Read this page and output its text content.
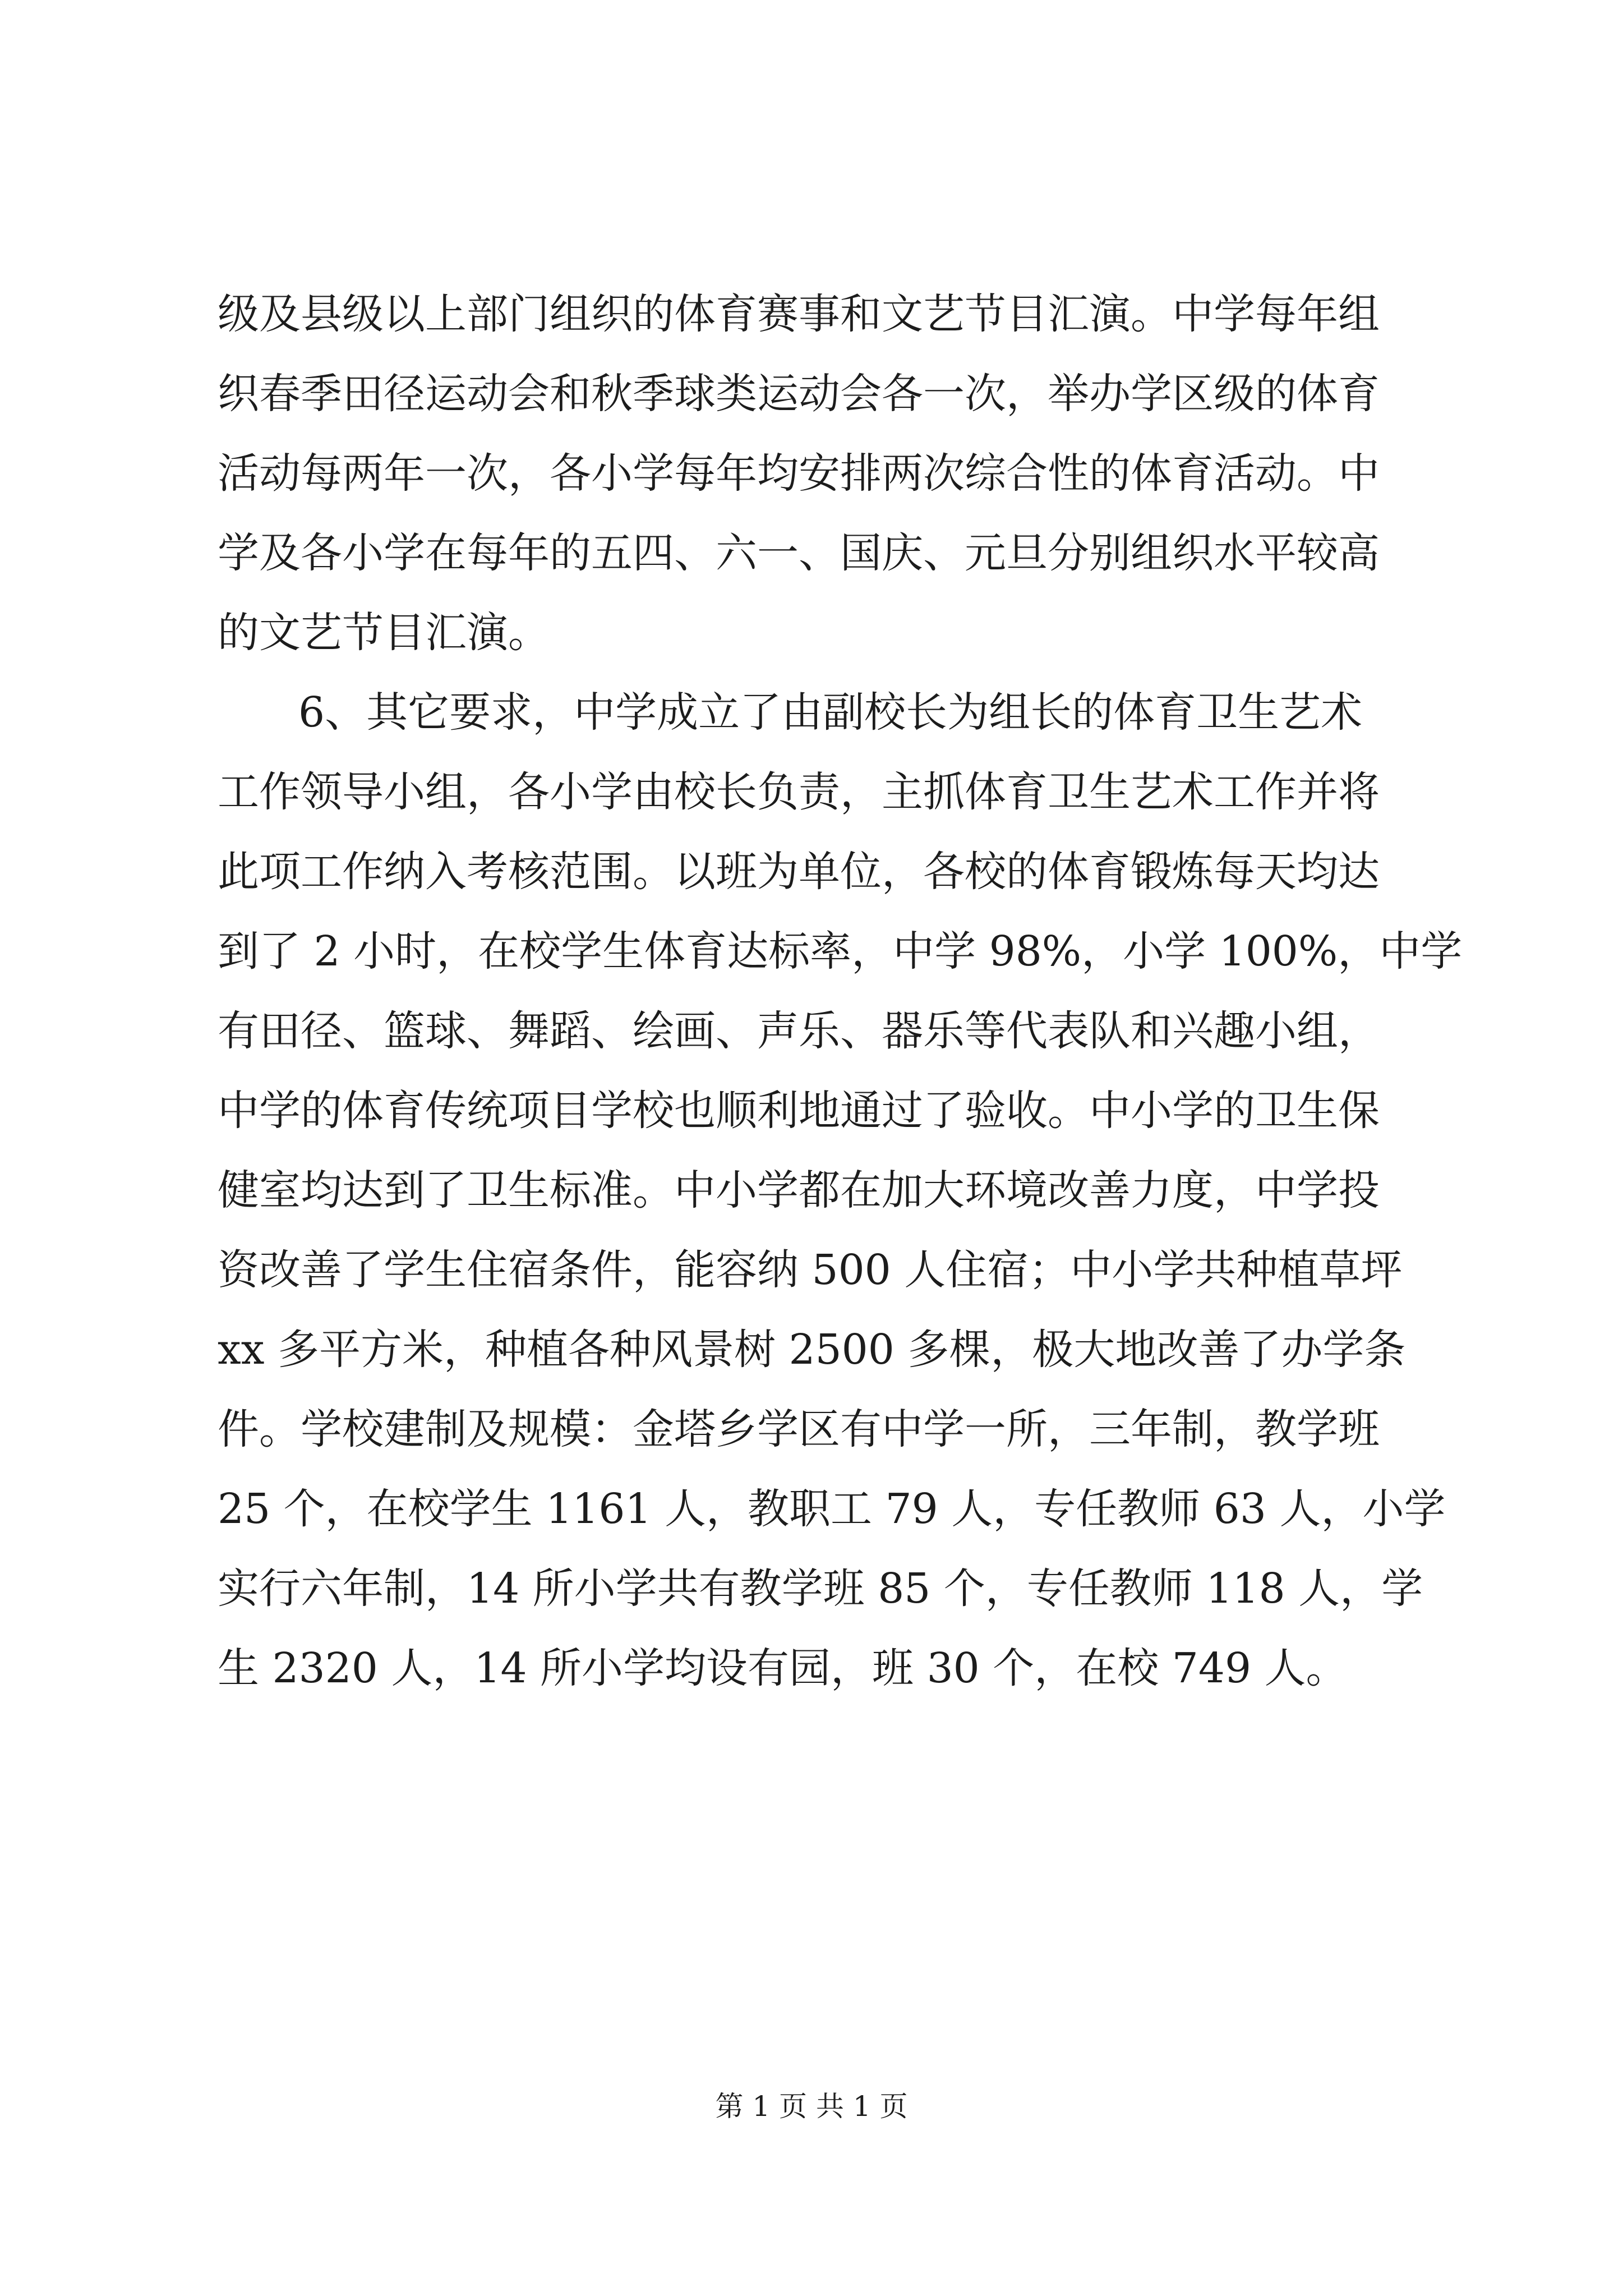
级及县级以上部门组织的体育赛事和文艺节目汇演。中学每年组

织春季田径运动会和秋季球类运动会各一次，举办学区级的体育

活动每两年一次，各小学每年均安排两次综合性的体育活动。中

学及各小学在每年的五四、六一、国庆、元旦分别组织水平较高

的文艺节目汇演。

6、其它要求，中学成立了由副校长为组长的体育卫生艺术

工作领导小组，各小学由校长负责，主抓体育卫生艺术工作并将

此项工作纳入考核范围。以班为单位，各校的体育锻炼每天均达

到了 2 小时，在校学生体育达标率，中学 98%，小学 100%，中学

有田径、篮球、舞蹈、绘画、声乐、器乐等代表队和兴趣小组，

中学的体育传统项目学校也顺利地通过了验收。中小学的卫生保

健室均达到了卫生标准。中小学都在加大环境改善力度，中学投

资改善了学生住宿条件，能容纳 500 人住宿；中小学共种植草坪

xx 多平方米，种植各种风景树 2500 多棵，极大地改善了办学条

件。学校建制及规模：金塔乡学区有中学一所，三年制，教学班

25 个，在校学生 1161 人，教职工 79 人，专任教师 63 人，小学

实行六年制，14 所小学共有教学班 85 个，专任教师 118 人，学

生 2320 人，14 所小学均设有园，班 30 个，在校 749 人。

第 1 页 共 1 页
